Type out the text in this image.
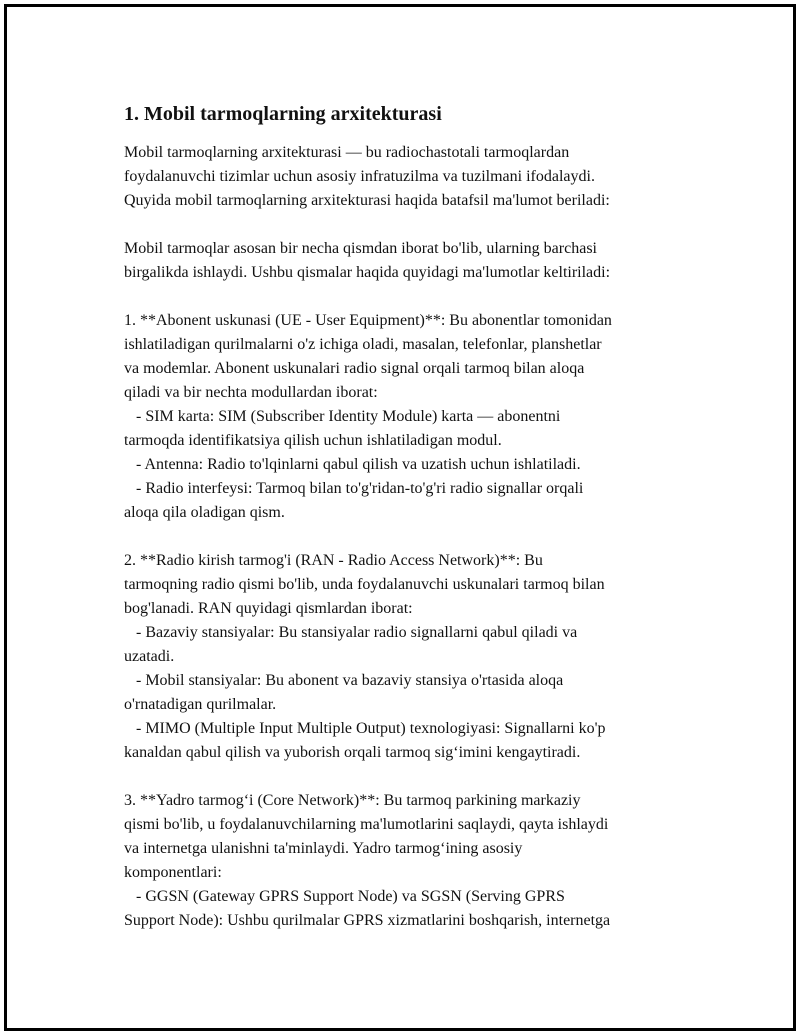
1. Mobil tarmoqlarning arxitekturasi
Mobil tarmoqlarning arxitekturasi — bu radiochastotali tarmoqlardan
foydalanuvchi tizimlar uchun asosiy infratuzilma va tuzilmani ifodalaydi.
Quyida mobil tarmoqlarning arxitekturasi haqida batafsil ma'lumot beriladi:
Mobil tarmoqlar asosan bir necha qismdan iborat bo'lib, ularning barchasi
birgalikda ishlaydi. Ushbu qismalar haqida quyidagi ma'lumotlar keltiriladi:
1. **Abonent uskunasi (UE - User Equipment)**: Bu abonentlar tomonidan
ishlatiladigan qurilmalarni o'z ichiga oladi, masalan, telefonlar, planshetlar
va modemlar. Abonent uskunalari radio signal orqali tarmoq bilan aloqa
qiladi va bir nechta modullardan iborat:
- SIM karta: SIM (Subscriber Identity Module) karta — abonentni
tarmoqda identifikatsiya qilish uchun ishlatiladigan modul.
- Antenna: Radio to'lqinlarni qabul qilish va uzatish uchun ishlatiladi.
- Radio interfeysi: Tarmoq bilan to'g'ridan-to'g'ri radio signallar orqali
aloqa qila oladigan qism.
2. **Radio kirish tarmog'i (RAN - Radio Access Network)**: Bu
tarmoqning radio qismi bo'lib, unda foydalanuvchi uskunalari tarmoq bilan
bog'lanadi. RAN quyidagi qismlardan iborat:
- Bazaviy stansiyalar: Bu stansiyalar radio signallarni qabul qiladi va
uzatadi.
- Mobil stansiyalar: Bu abonent va bazaviy stansiya o'rtasida aloqa
o'rnatadigan qurilmalar.
- MIMO (Multiple Input Multiple Output) texnologiyasi: Signallarni ko'p
kanaldan qabul qilish va yuborish orqali tarmoq sig‘imini kengaytiradi.
3. **Yadro tarmog‘i (Core Network)**: Bu tarmoq parkining markaziy
qismi bo'lib, u foydalanuvchilarning ma'lumotlarini saqlaydi, qayta ishlaydi
va internetga ulanishni ta'minlaydi. Yadro tarmog‘ining asosiy
komponentlari:
- GGSN (Gateway GPRS Support Node) va SGSN (Serving GPRS
Support Node): Ushbu qurilmalar GPRS xizmatlarini boshqarish, internetga
